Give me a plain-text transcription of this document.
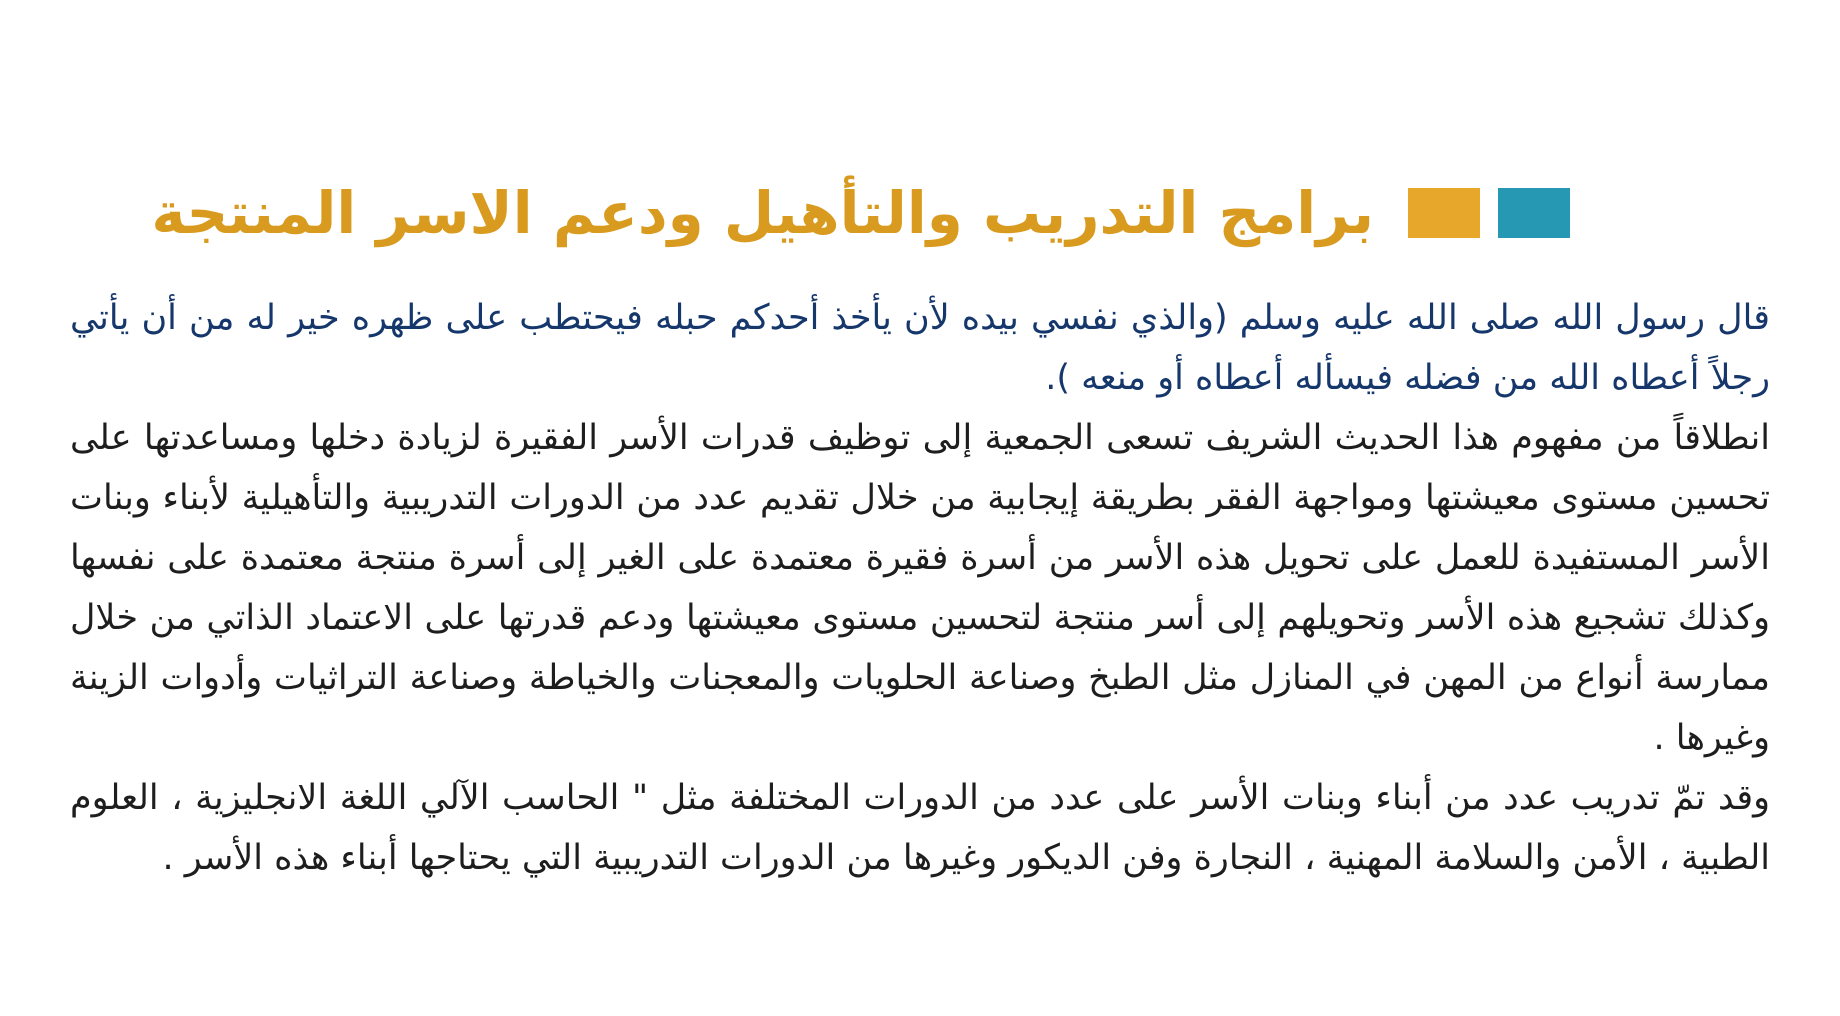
برامج التدريب والتأهيل ودعم الاسر المنتجة

قال رسول الله صلى الله عليه وسلم (والذي نفسي بيده لأن يأخذ أحدكم حبله فيحتطب على ظهره خير له من أن يأتي رجلاً أعطاه الله من فضله فيسأله أعطاه أو منعه ).

انطلاقاً من مفهوم هذا الحديث الشريف تسعى الجمعية إلى توظيف قدرات الأسر الفقيرة لزيادة دخلها ومساعدتها على تحسين مستوى معيشتها ومواجهة الفقر بطريقة إيجابية من خلال تقديم عدد من الدورات التدريبية والتأهيلية لأبناء وبنات الأسر المستفيدة للعمل على تحويل هذه الأسر من أسرة فقيرة معتمدة على الغير إلى أسرة منتجة معتمدة على نفسها وكذلك تشجيع هذه الأسر وتحويلهم إلى أسر منتجة لتحسين مستوى معيشتها ودعم قدرتها على الاعتماد الذاتي من خلال ممارسة أنواع من المهن في المنازل مثل الطبخ وصناعة الحلويات والمعجنات والخياطة وصناعة التراثيات وأدوات الزينة وغيرها .

وقد تمّ تدريب عدد من أبناء وبنات الأسر على عدد من الدورات المختلفة مثل " الحاسب الآلي اللغة الانجليزية ، العلوم الطبية ، الأمن والسلامة المهنية ، النجارة وفن الديكور وغيرها من الدورات التدريبية التي يحتاجها أبناء هذه الأسر .
